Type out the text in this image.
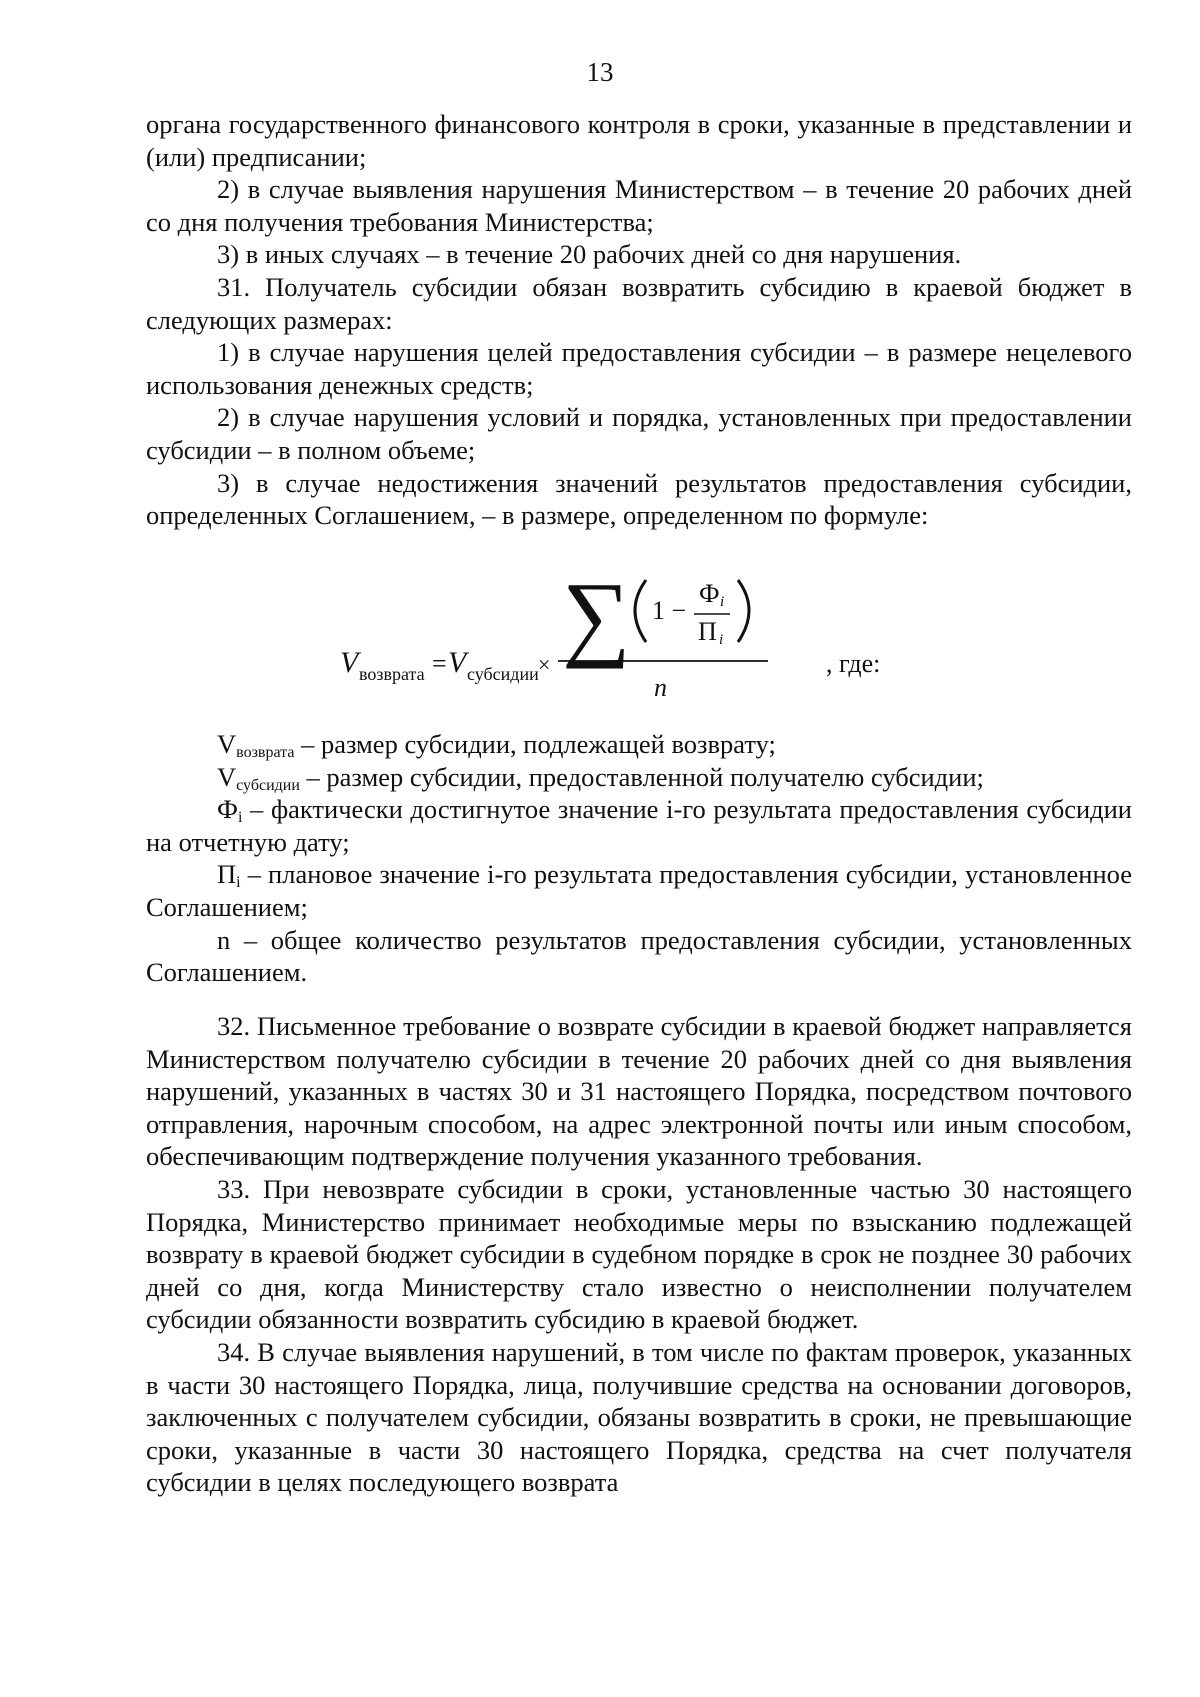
13

органа государственного финансового контроля в сроки, указанные в представлении и (или) предписании;

2) в случае выявления нарушения Министерством – в течение 20 рабочих дней со дня получения требования Министерства;

3) в иных случаях – в течение 20 рабочих дней со дня нарушения.

31. Получатель субсидии обязан возвратить субсидию в краевой бюджет в следующих размерах:

1) в случае нарушения целей предоставления субсидии – в размере нецелевого использования денежных средств;

2) в случае нарушения условий и порядка, установленных при предоставлении субсидии – в полном объеме;

3) в случае недостижения значений результатов предоставления субсидии, определенных Соглашением, – в размере, определенном по формуле:

V возврата = V субсидии × ∑ 1 −
Ф i
П i
n
, где:

$V_{возврата}$ – размер субсидии, подлежащей возврату;

$V_{субсидии}$ – размер субсидии, предоставленной получателю субсидии;

$Ф_i$ – фактически достигнутое значение i-го результата предоставления субсидии на отчетную дату;

$П_i$ – плановое значение i-го результата предоставления субсидии, установленное Соглашением;

n – общее количество результатов предоставления субсидии, установленных Соглашением.

32. Письменное требование о возврате субсидии в краевой бюджет направляется Министерством получателю субсидии в течение 20 рабочих дней со дня выявления нарушений, указанных в частях 30 и 31 настоящего Порядка, посредством почтового отправления, нарочным способом, на адрес электронной почты или иным способом, обеспечивающим подтверждение получения указанного требования.

33. При невозврате субсидии в сроки, установленные частью 30 настоящего Порядка, Министерство принимает необходимые меры по взысканию подлежащей возврату в краевой бюджет субсидии в судебном порядке в срок не позднее 30 рабочих дней со дня, когда Министерству стало известно о неисполнении получателем субсидии обязанности возвратить субсидию в краевой бюджет.

34. В случае выявления нарушений, в том числе по фактам проверок, указанных в части 30 настоящего Порядка, лица, получившие средства на основании договоров, заключенных с получателем субсидии, обязаны возвратить в сроки, не превышающие сроки, указанные в части 30 настоящего Порядка, средства на счет получателя субсидии в целях последующего возврата
